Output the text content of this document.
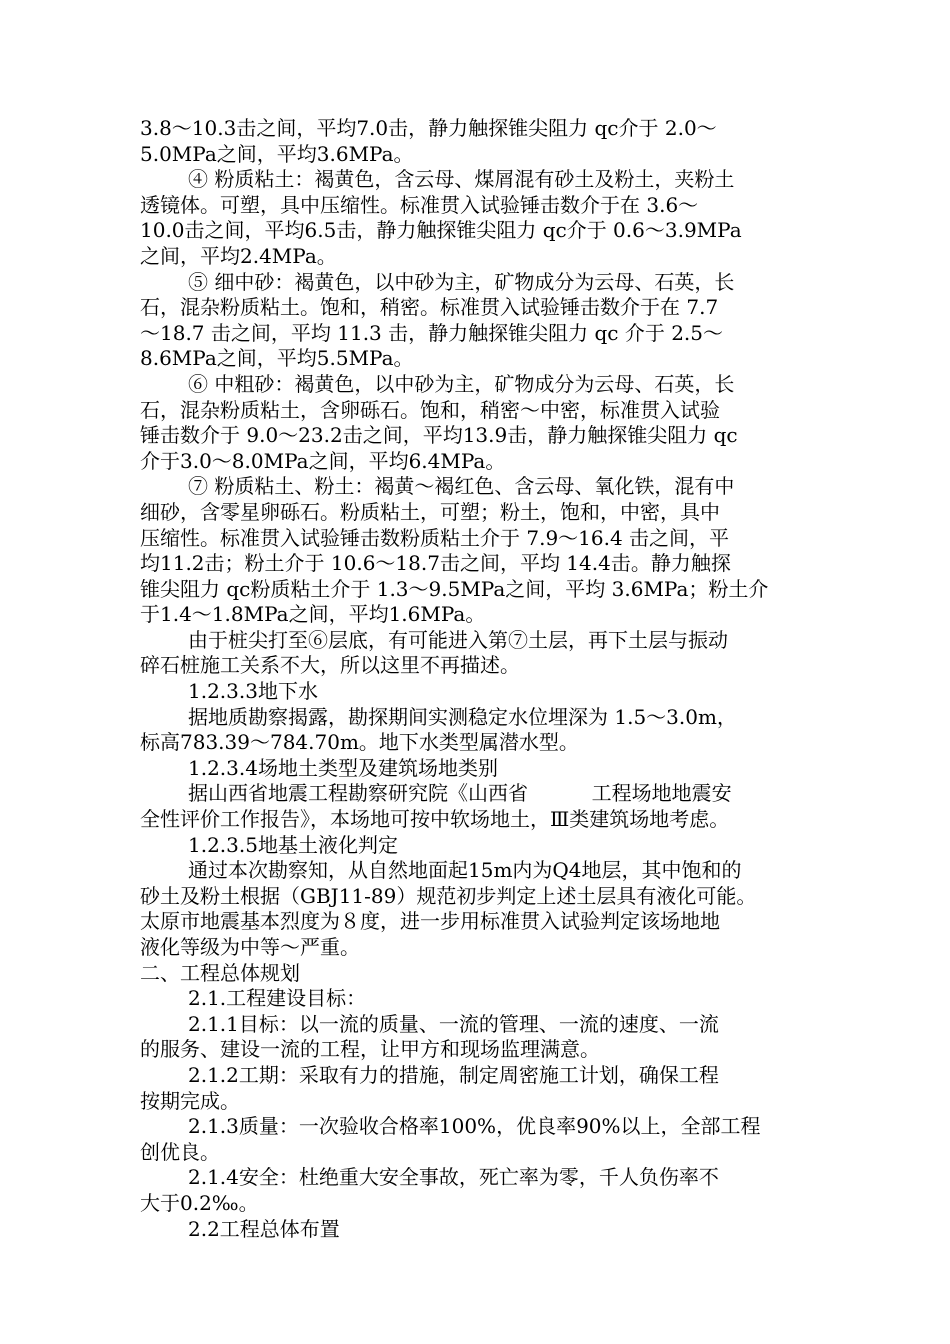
3.8～10.3击之间，平均7.0击，静力触探锥尖阻力 qc介于 2.0～
5.0MPa之间，平均3.6MPa。
④ 粉质粘土：褐黄色，含云母、煤屑混有砂土及粉土，夹粉土
透镜体。可塑，具中压缩性。标准贯入试验锤击数介于在 3.6～
10.0击之间，平均6.5击，静力触探锥尖阻力 qc介于 0.6～3.9MPa
之间，平均2.4MPa。
⑤ 细中砂：褐黄色，以中砂为主，矿物成分为云母、石英，长
石，混杂粉质粘土。饱和，稍密。标准贯入试验锤击数介于在 7.7
～18.7 击之间，平均 11.3 击，静力触探锥尖阻力 qc 介于 2.5～
8.6MPa之间，平均5.5MPa。
⑥ 中粗砂：褐黄色，以中砂为主，矿物成分为云母、石英，长
石，混杂粉质粘土，含卵砾石。饱和，稍密～中密，标准贯入试验
锤击数介于 9.0～23.2击之间，平均13.9击，静力触探锥尖阻力 qc
介于3.0～8.0MPa之间，平均6.4MPa。
⑦ 粉质粘土、粉土：褐黄～褐红色、含云母、氧化铁，混有中
细砂，含零星卵砾石。粉质粘土，可塑；粉土，饱和，中密，具中
压缩性。标准贯入试验锤击数粉质粘土介于 7.9～16.4 击之间，平
均11.2击；粉土介于 10.6～18.7击之间，平均 14.4击。静力触探
锥尖阻力 qc粉质粘土介于 1.3～9.5MPa之间，平均 3.6MPa；粉土介
于1.4～1.8MPa之间，平均1.6MPa。
由于桩尖打至⑥层底，有可能进入第⑦土层，再下土层与振动
碎石桩施工关系不大，所以这里不再描述。
1.2.3.3地下水
据地质勘察揭露，勘探期间实测稳定水位埋深为 1.5～3.0m，
标高783.39～784.70m。地下水类型属潜水型。
1.2.3.4场地土类型及建筑场地类别
据山西省地震工程勘察研究院《山西省          工程场地地震安
全性评价工作报告》，本场地可按中软场地土，Ⅲ类建筑场地考虑。
1.2.3.5地基土液化判定
通过本次勘察知，从自然地面起15m内为Q4地层，其中饱和的
砂土及粉土根据（GBJ11-89）规范初步判定上述土层具有液化可能。
太原市地震基本烈度为８度，进一步用标准贯入试验判定该场地地
液化等级为中等～严重。
二、工程总体规划
2.1.工程建设目标：
2.1.1目标：以一流的质量、一流的管理、一流的速度、一流
的服务、建设一流的工程，让甲方和现场监理满意。
2.1.2工期：采取有力的措施，制定周密施工计划，确保工程
按期完成。
2.1.3质量：一次验收合格率100%，优良率90%以上，全部工程
创优良。
2.1.4安全：杜绝重大安全事故，死亡率为零，千人负伤率不
大于0.2‰。
2.2工程总体布置
